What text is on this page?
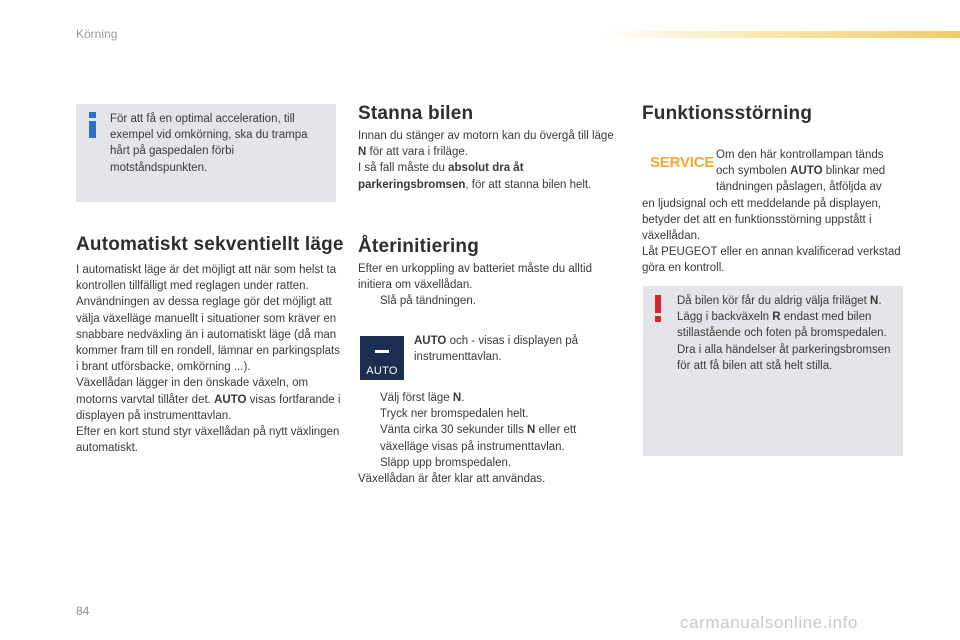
Körning
För att få en optimal acceleration, till exempel vid omkörning, ska du trampa hårt på gaspedalen förbi motståndspunkten.
Automatiskt sekventiellt läge
I automatiskt läge är det möjligt att när som helst ta kontrollen tillfälligt med reglagen under ratten.
Användningen av dessa reglage gör det möjligt att välja växelläge manuellt i situationer som kräver en snabbare nedväxling än i automatiskt läge (då man kommer fram till en rondell, lämnar en parkingsplats i brant utförsbacke, omkörning ...).
Växellådan lägger in den önskade växeln, om motorns varvtal tillåter det. AUTO visas fortfarande i displayen på instrumenttavlan.
Efter en kort stund styr växellådan på nytt växlingen automatiskt.
Stanna bilen
Innan du stänger av motorn kan du övergå till läge N för att vara i friläge.
I så fall måste du absolut dra åt parkeringsbromsen, för att stanna bilen helt.
Återinitiering
Efter en urkoppling av batteriet måste du alltid initiera om växellådan.
Slå på tändningen.
AUTO
AUTO och - visas i displayen på instrumenttavlan.
Välj först läge N.
Tryck ner bromspedalen helt.
Vänta cirka 30 sekunder tills N eller ett växelläge visas på instrumenttavlan.
Släpp upp bromspedalen.
Växellådan är åter klar att användas.
Funktionsstörning
SERVICE Om den här kontrollampan tänds
och symbolen AUTO blinkar med
tändningen påslagen, åtföljda av
en ljudsignal och ett meddelande på displayen, betyder det att en funktionsstörning uppstått i växellådan.
Låt PEUGEOT eller en annan kvalificerad verkstad göra en kontroll.
Då bilen kör får du aldrig välja friläget N.
Lägg i backväxeln R endast med bilen stillastående och foten på bromspedalen.
Dra i alla händelser åt parkeringsbromsen för att få bilen att stå helt stilla.
84
carmanualsonline.info
